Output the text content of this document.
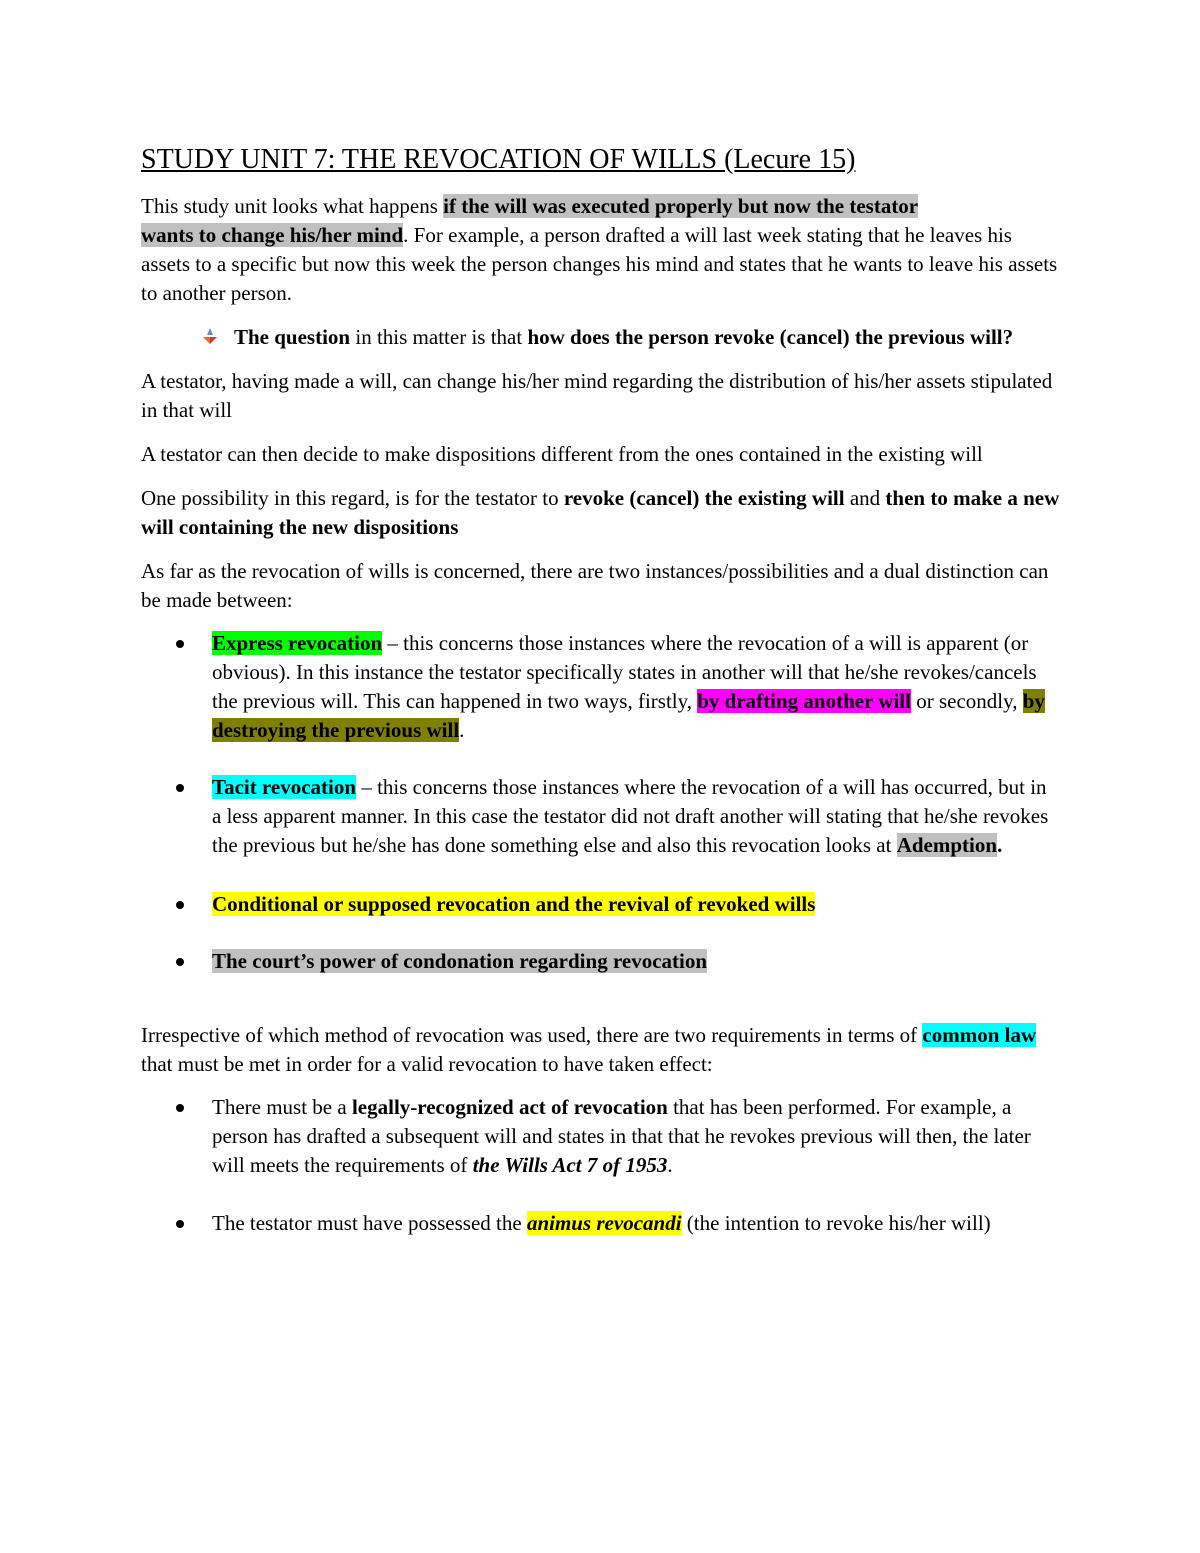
STUDY UNIT 7: THE REVOCATION OF WILLS (Lecure 15)

This study unit looks what happens if the will was executed properly but now the testator
wants to change his/her mind. For example, a person drafted a will last week stating that he leaves his assets to a specific but now this week the person changes his mind and states that he wants to leave his assets to another person.

The question in this matter is that how does the person revoke (cancel) the previous will?

A testator, having made a will, can change his/her mind regarding the distribution of his/her assets stipulated in that will

A testator can then decide to make dispositions different from the ones contained in the existing will

One possibility in this regard, is for the testator to revoke (cancel) the existing will and then to make a new will containing the new dispositions

As far as the revocation of wills is concerned, there are two instances/possibilities and a dual distinction can be made between:

Express revocation – this concerns those instances where the revocation of a will is apparent (or obvious). In this instance the testator specifically states in another will that he/she revokes/cancels the previous will. This can happened in two ways, firstly, by drafting another will or secondly, by destroying the previous will.
Tacit revocation – this concerns those instances where the revocation of a will has occurred, but in a less apparent manner. In this case the testator did not draft another will stating that he/she revokes the previous but he/she has done something else and also this revocation looks at Ademption.
Conditional or supposed revocation and the revival of revoked wills
The court’s power of condonation regarding revocation

Irrespective of which method of revocation was used, there are two requirements in terms of common law that must be met in order for a valid revocation to have taken effect:

There must be a legally-recognized act of revocation that has been performed. For example, a person has drafted a subsequent will and states in that that he revokes previous will then, the later will meets the requirements of the Wills Act 7 of 1953.
The testator must have possessed the animus revocandi (the intention to revoke his/her will)
